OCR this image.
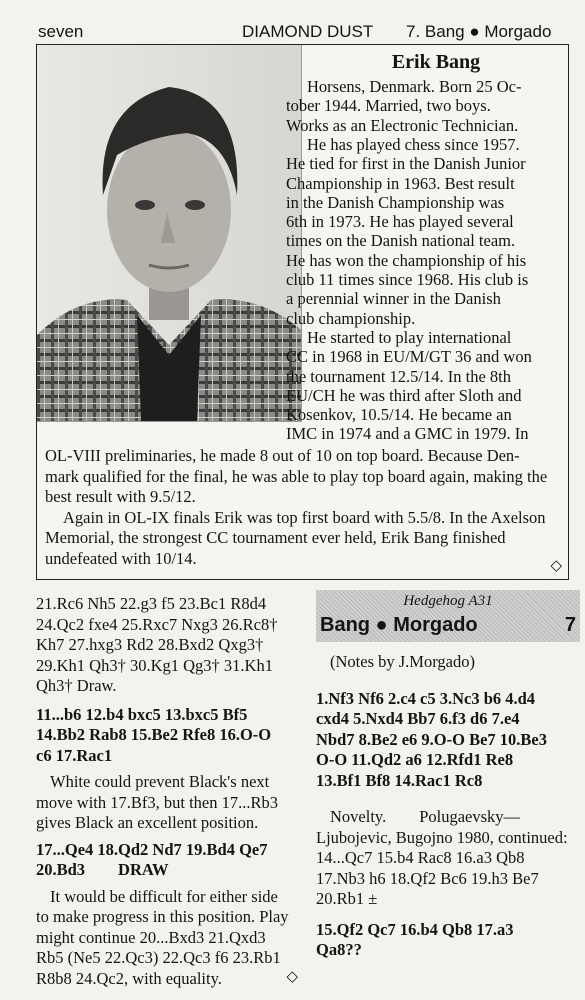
seven	DIAMOND DUST 7. Bang ● Morgado
Erik Bang
Horsens, Denmark. Born 25 Oc-
tober 1944. Married, two boys.
Works as an Electronic Technician.
He has played chess since 1957.
He tied for first in the Danish Junior
Championship in 1963. Best result
in the Danish Championship was
6th in 1973. He has played several
times on the Danish national team.
He has won the championship of his
club 11 times since 1968. His club is
a perennial winner in the Danish
club championship.
He started to play international
CC in 1968 in EU/M/GT 36 and won
the tournament 12.5/14. In the 8th
EU/CH he was third after Sloth and
Kosenkov, 10.5/14. He became an
IMC in 1974 and a GMC in 1979. In
OL-VIII preliminaries, he made 8 out of 10 on top board. Because Den-
mark qualified for the final, he was able to play top board again, making the
best result with 9.5/12.
Again in OL-IX finals Erik was top first board with 5.5/8. In the Axelson
Memorial, the strongest CC tournament ever held, Erik Bang finished
undefeated with 10/14.	◇

21.Rc6 Nh5 22.g3 f5 23.Bc1 R8d4

24.Qc2 fxe4 25.Rxc7 Nxg3 26.Rc8†

Kh7 27.hxg3 Rd2 28.Bxd2 Qxg3†

29.Kh1 Qh3† 30.Kg1 Qg3† 31.Kh1

Qh3† Draw.

11...b6 12.b4 bxc5 13.bxc5 Bf5

14.Bb2 Rab8 15.Be2 Rfe8 16.O-O

c6 17.Rac1

White could prevent Black's next

move with 17.Bf3, but then 17...Rb3

gives Black an excellent position.

17...Qe4 18.Qd2 Nd7 19.Bd4 Qe7

20.Bd3        DRAW

It would be difficult for either side

to make progress in this position. Play

might continue 20...Bxd3 21.Qxd3

Rb5 (Ne5 22.Qc3) 22.Qc3 f6 23.Rb1

R8b8 24.Qc2, with equality.	◇
Hedgehog A31
Bang ● Morgado	7

(Notes by J.Morgado)

1.Nf3 Nf6 2.c4 c5 3.Nc3 b6 4.d4

cxd4 5.Nxd4 Bb7 6.f3 d6 7.e4

Nbd7 8.Be2 e6 9.O-O Be7 10.Be3

O-O 11.Qd2 a6 12.Rfd1 Re8

13.Bf1 Bf8 14.Rac1 Rc8

Novelty.        Polugaevsky—

Ljubojevic, Bugojno 1980, continued:

14...Qc7 15.b4 Rac8 16.a3 Qb8

17.Nb3 h6 18.Qf2 Bc6 19.h3 Be7

20.Rb1 ±

15.Qf2 Qc7 16.b4 Qb8 17.a3

Qa8??
